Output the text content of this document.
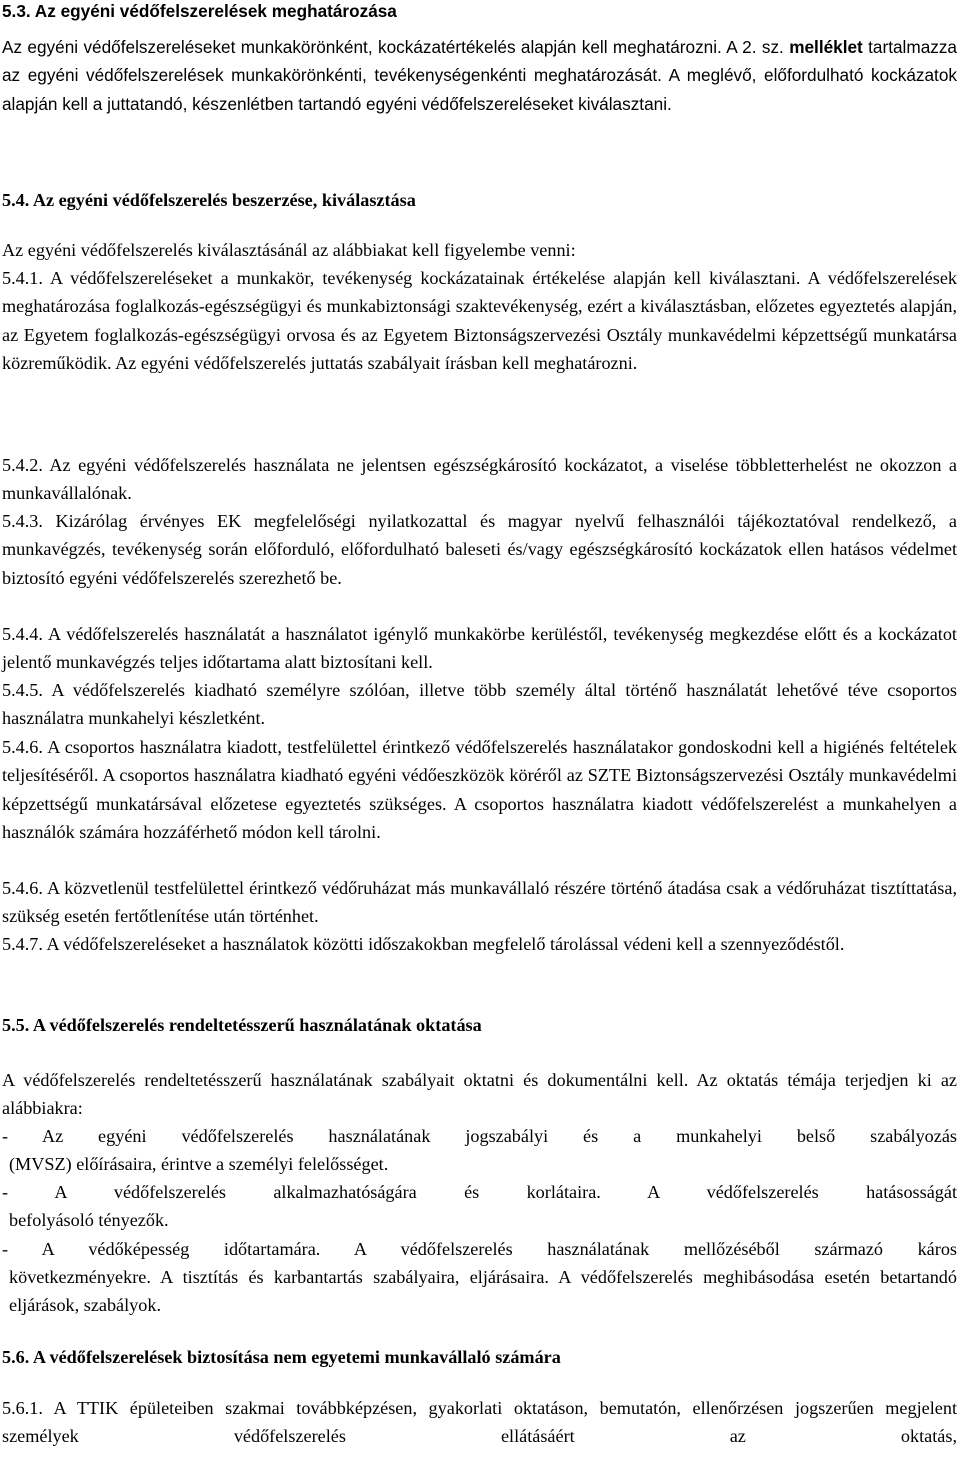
5.3. Az egyéni védőfelszerelések meghatározása

Az egyéni védőfelszereléseket munkakörönként, kockázatértékelés alapján kell meghatározni. A 2. sz. melléklet tartalmazza az egyéni védőfelszerelések munkakörönkénti, tevékenységenkénti meghatározását. A meglévő, előfordulható kockázatok alapján kell a juttatandó, készenlétben tartandó egyéni védőfelszereléseket kiválasztani.

5.4. Az egyéni védőfelszerelés beszerzése, kiválasztása
Az egyéni védőfelszerelés kiválasztásánál az alábbiakat kell figyelembe venni:

5.4.1. A védőfelszereléseket a munkakör, tevékenység kockázatainak értékelése alapján kell kiválasztani. A védőfelszerelések meghatározása foglalkozás-egészségügyi és munkabiztonsági szaktevékenység, ezért a kiválasztásban, előzetes egyeztetés alapján, az Egyetem foglalkozás-egészségügyi orvosa és az Egyetem Biztonságszervezési Osztály munkavédelmi képzettségű munkatársa közreműködik. Az egyéni védőfelszerelés juttatás szabályait írásban kell meghatározni.

5.4.2. Az egyéni védőfelszerelés használata ne jelentsen egészségkárosító kockázatot, a viselése többletterhelést ne okozzon a munkavállalónak.

5.4.3. Kizárólag érvényes EK megfelelőségi nyilatkozattal és magyar nyelvű felhasználói tájékoztatóval rendelkező, a munkavégzés, tevékenység során előforduló, előfordulható baleseti és/vagy egészségkárosító kockázatok ellen hatásos védelmet biztosító egyéni védőfelszerelés szerezhető be.

5.4.4. A védőfelszerelés használatát a használatot igénylő munkakörbe kerüléstől, tevékenység megkezdése előtt és a kockázatot jelentő munkavégzés teljes időtartama alatt biztosítani kell.

5.4.5. A védőfelszerelés kiadható személyre szólóan, illetve több személy által történő használatát lehetővé téve csoportos használatra munkahelyi készletként.

5.4.6. A csoportos használatra kiadott, testfelülettel érintkező védőfelszerelés használatakor gondoskodni kell a higiénés feltételek teljesítéséről. A csoportos használatra kiadható egyéni védőeszközök köréről az SZTE Biztonságszervezési Osztály munkavédelmi képzettségű munkatársával előzetese egyeztetés szükséges. A csoportos használatra kiadott védőfelszerelést a munkahelyen a használók számára hozzáférhető módon kell tárolni.

5.4.6. A közvetlenül testfelülettel érintkező védőruházat más munkavállaló részére történő átadása csak a védőruházat tisztíttatása, szükség esetén fertőtlenítése után történhet.

5.4.7. A védőfelszereléseket a használatok közötti időszakokban megfelelő tárolással védeni kell a szennyeződéstől.

5.5. A védőfelszerelés rendeltetésszerű használatának oktatása

A védőfelszerelés rendeltetésszerű használatának szabályait oktatni és dokumentálni kell. Az oktatás témája terjedjen ki az alábbiakra:

- Az egyéni védőfelszerelés használatának jogszabályi és a munkahelyi belső szabályozás
(MVSZ) előírásaira, érintve a személyi felelősséget.
- A védőfelszerelés alkalmazhatóságára és korlátaira. A védőfelszerelés hatásosságát
befolyásoló tényezők.
- A védőképesség időtartamára. A védőfelszerelés használatának mellőzéséből származó káros
következményekre. A tisztítás és karbantartás szabályaira, eljárásaira. A védőfelszerelés meghibásodása esetén betartandó eljárások, szabályok.
5.6. A védőfelszerelések biztosítása nem egyetemi munkavállaló számára

5.6.1. A TTIK épületeiben szakmai továbbképzésen, gyakorlati oktatáson, bemutatón, ellenőrzésen jogszerűen megjelent személyek védőfelszerelés ellátásáért az oktatás,
